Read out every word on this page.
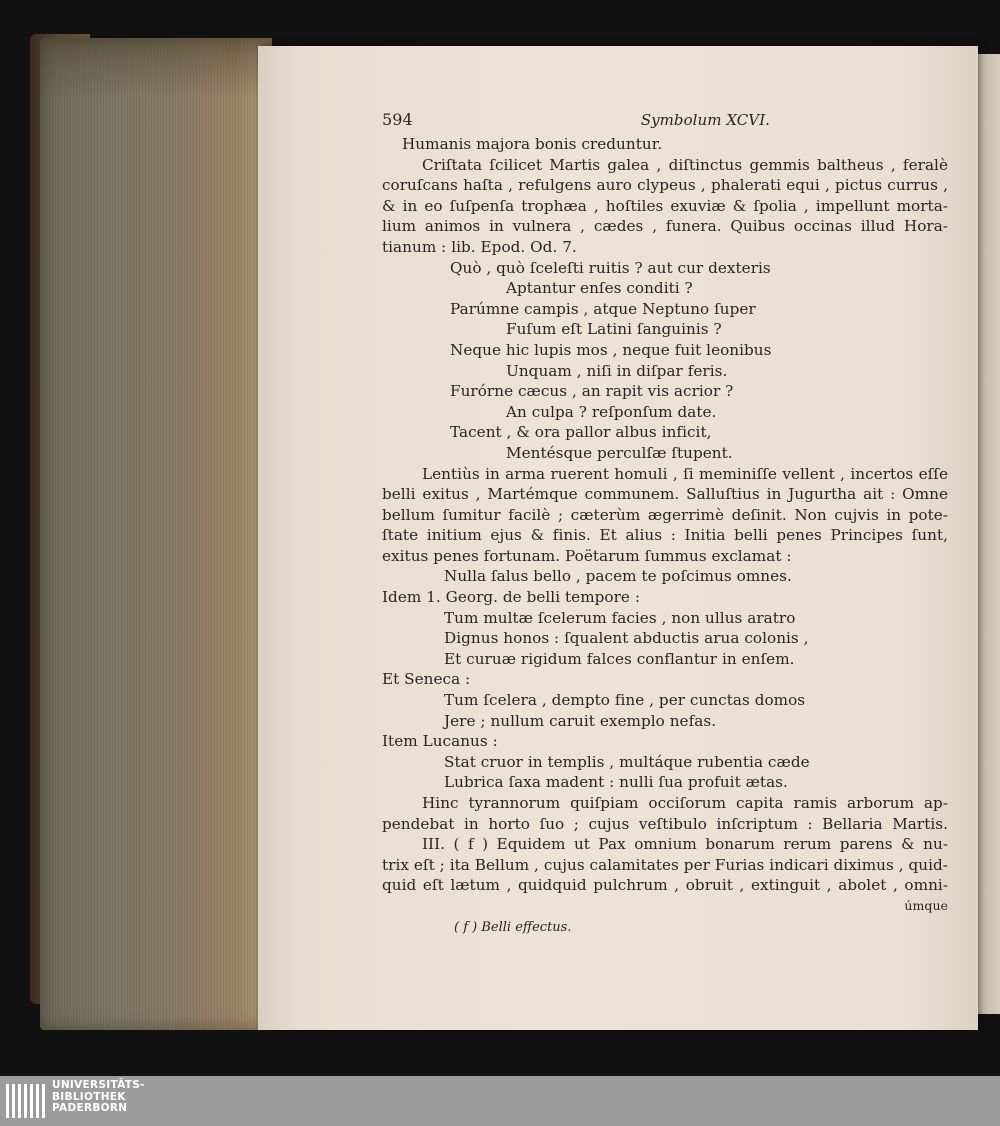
594	Symbolum XCVI.
Humanis majora bonis creduntur.
Criſtata ſcilicet Martis galea , diſtinctus gemmis baltheus , feralè
coruſcans haſta , refulgens auro clypeus , phalerati equi , pictus currus ,
& in eo ſuſpenſa trophæa , hoſtiles exuviæ & ſpolia , impellunt morta-
lium animos in vulnera , cædes , funera. Quibus occinas illud Hora-
tianum : lib. Epod. Od. 7.
Quò , quò ſceleſti ruitis ? aut cur dexteris
Aptantur enſes conditi ?
Parúmne campis , atque Neptuno ſuper
Fuſum eſt Latini ſanguinis ?
Neque hic lupis mos , neque fuit leonibus
Unquam , niſi in diſpar feris.
Furórne cæcus , an rapit vis acrior ?
An culpa ? reſponſum date.
Tacent , & ora pallor albus inficit,
Mentésque perculſæ ſtupent.
Lentiùs in arma ruerent homuli , ſi meminiſſe vellent , incertos eſſe
belli exitus , Martémque communem. Salluſtius in Jugurtha ait : Omne
bellum ſumitur facilè ; cæterùm ægerrimè deſinit. Non cujvis in pote-
ſtate initium ejus & finis. Et alius : Initia belli penes Principes ſunt,
exitus penes fortunam. Poëtarum ſummus exclamat :
Nulla ſalus bello , pacem te poſcimus omnes.
Idem 1. Georg. de belli tempore :
Tum multæ ſcelerum facies , non ullus aratro
Dignus honos : ſqualent abductis arua colonis ,
Et curuæ rigidum falces conflantur in enſem.
Et Seneca :
Tum ſcelera , dempto fine , per cunctas domos
Jere ; nullum caruit exemplo nefas.
Item Lucanus :
Stat cruor in templis , multáque rubentia cæde
Lubrica ſaxa madent : nulli ſua profuit ætas.
Hinc tyrannorum quiſpiam occiſorum capita ramis arborum ap-
pendebat in horto ſuo ; cujus veſtibulo inſcriptum : Bellaria Martis.
III. ( f ) Equidem ut Pax omnium bonarum rerum parens & nu-
trix eſt ; ita Bellum , cujus calamitates per Furias indicari diximus , quid-
quid eſt lætum , quidquid pulchrum , obruit , extinguit , abolet , omni-
úmque
( f ) Belli effectus.
UNIVERSITÄTS-
BIBLIOTHEK
PADERBORN
